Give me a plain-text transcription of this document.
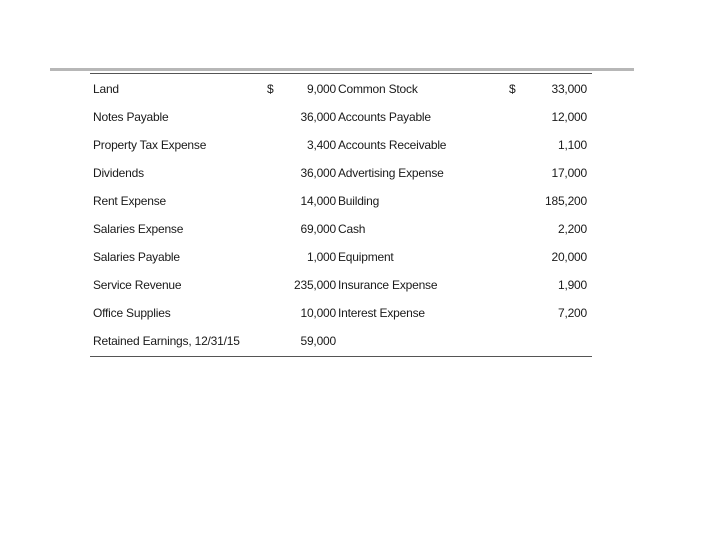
Land	$	9,000 Common Stock	$	33,000
Notes Payable	36,000 Accounts Payable	12,000
Property Tax Expense	3,400 Accounts Receivable	1,100
Dividends	36,000 Advertising Expense	17,000
Rent Expense	14,000 Building	185,200
Salaries Expense	69,000 Cash	2,200
Salaries Payable	1,000 Equipment	20,000
Service Revenue	235,000 Insurance Expense	1,900
Office Supplies	10,000 Interest Expense	7,200
Retained Earnings, 12/31/15	59,000
